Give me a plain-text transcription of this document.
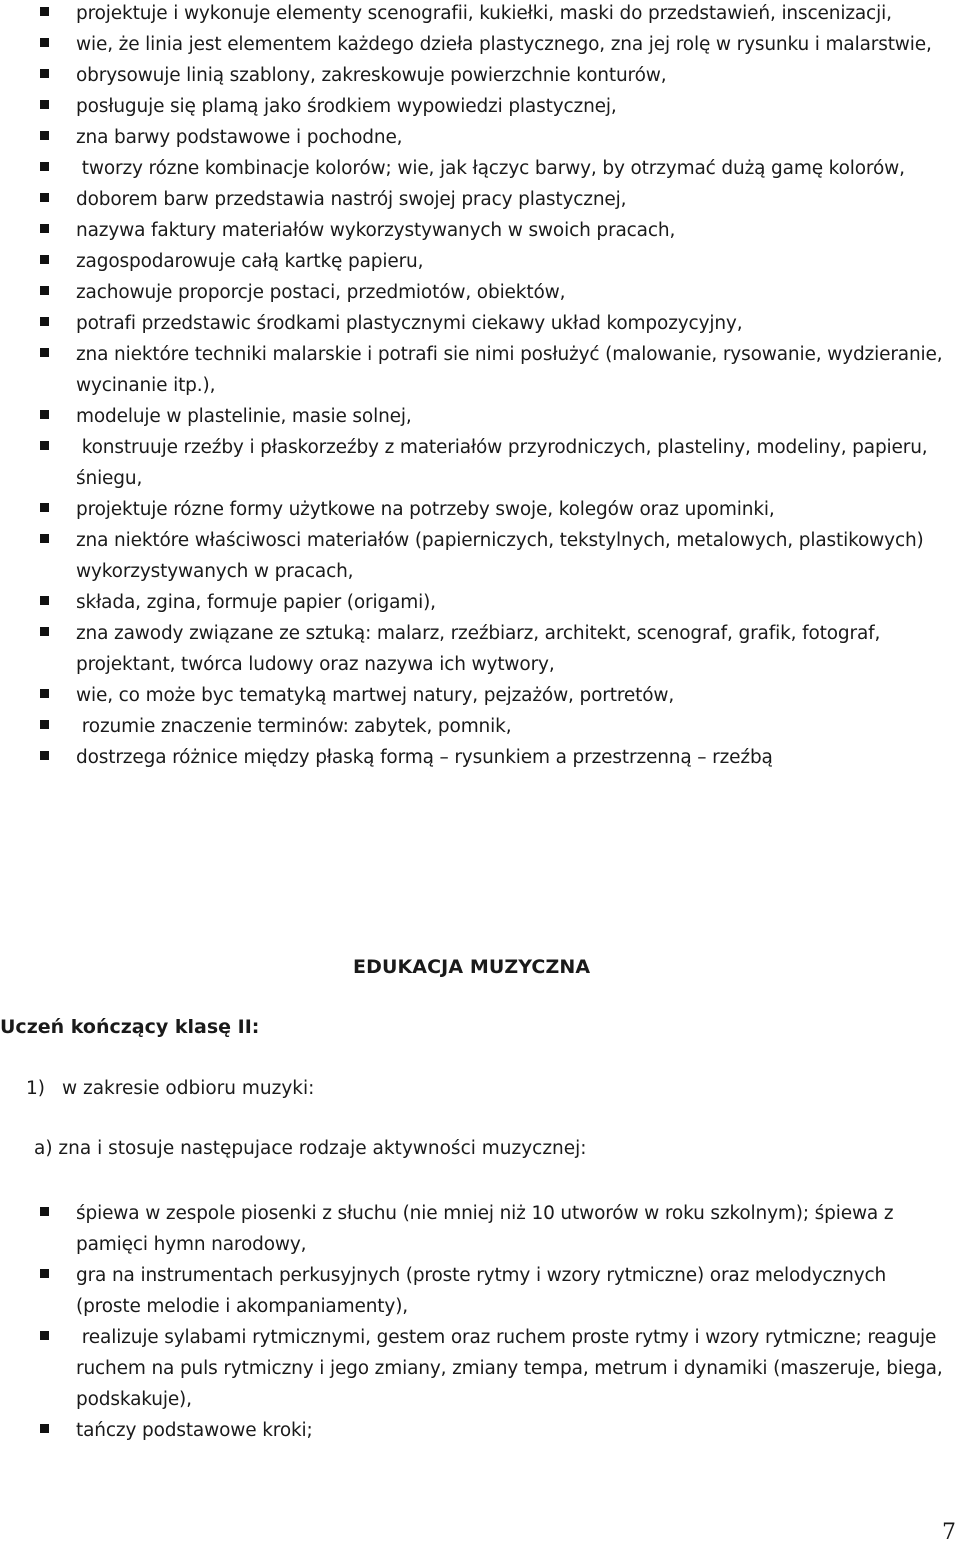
projektuje i wykonuje elementy scenografii, kukiełki, maski do przedstawień, inscenizacji,
wie, że linia jest elementem każdego dzieła plastycznego, zna jej rolę w rysunku i malarstwie,
obrysowuje linią szablony, zakreskowuje powierzchnie konturów,
posługuje się plamą jako środkiem wypowiedzi plastycznej,
zna barwy podstawowe i pochodne,
tworzy rózne kombinacje kolorów; wie, jak łączyc barwy, by otrzymać dużą gamę kolorów,
doborem barw przedstawia nastrój swojej pracy plastycznej,
nazywa faktury materiałów wykorzystywanych w swoich pracach,
zagospodarowuje całą kartkę papieru,
zachowuje proporcje postaci, przedmiotów, obiektów,
potrafi przedstawic środkami plastycznymi ciekawy układ kompozycyjny,
zna niektóre techniki malarskie i potrafi sie nimi posłużyć (malowanie, rysowanie, wydzieranie, wycinanie itp.),
modeluje w plastelinie, masie solnej,
konstruuje rzeźby i płaskorzeźby z materiałów przyrodniczych, plasteliny, modeliny, papieru, śniegu,
projektuje rózne formy użytkowe na potrzeby swoje, kolegów oraz upominki,
zna niektóre właściwosci materiałów (papierniczych, tekstylnych, metalowych, plastikowych) wykorzystywanych w pracach,
składa, zgina, formuje papier (origami),
zna zawody związane ze sztuką: malarz, rzeźbiarz, architekt, scenograf, grafik, fotograf, projektant, twórca ludowy oraz nazywa ich wytwory,
wie, co może byc tematyką martwej natury, pejzażów, portretów,
rozumie znaczenie terminów: zabytek, pomnik,
dostrzega różnice między płaską formą – rysunkiem a przestrzenną – rzeźbą
EDUKACJA MUZYCZNA
Uczeń kończący klasę II:
1) w zakresie odbioru muzyki:
a) zna i stosuje następujace rodzaje aktywności muzycznej:
śpiewa w zespole piosenki z słuchu (nie mniej niż 10 utworów w roku szkolnym); śpiewa z pamięci hymn narodowy,
gra na instrumentach perkusyjnych (proste rytmy i wzory rytmiczne) oraz melodycznych (proste melodie i akompaniamenty),
realizuje sylabami rytmicznymi, gestem oraz ruchem proste rytmy i wzory rytmiczne; reaguje ruchem na puls rytmiczny i jego zmiany, zmiany tempa, metrum i dynamiki (maszeruje, biega, podskakuje),
tańczy podstawowe kroki;
7
